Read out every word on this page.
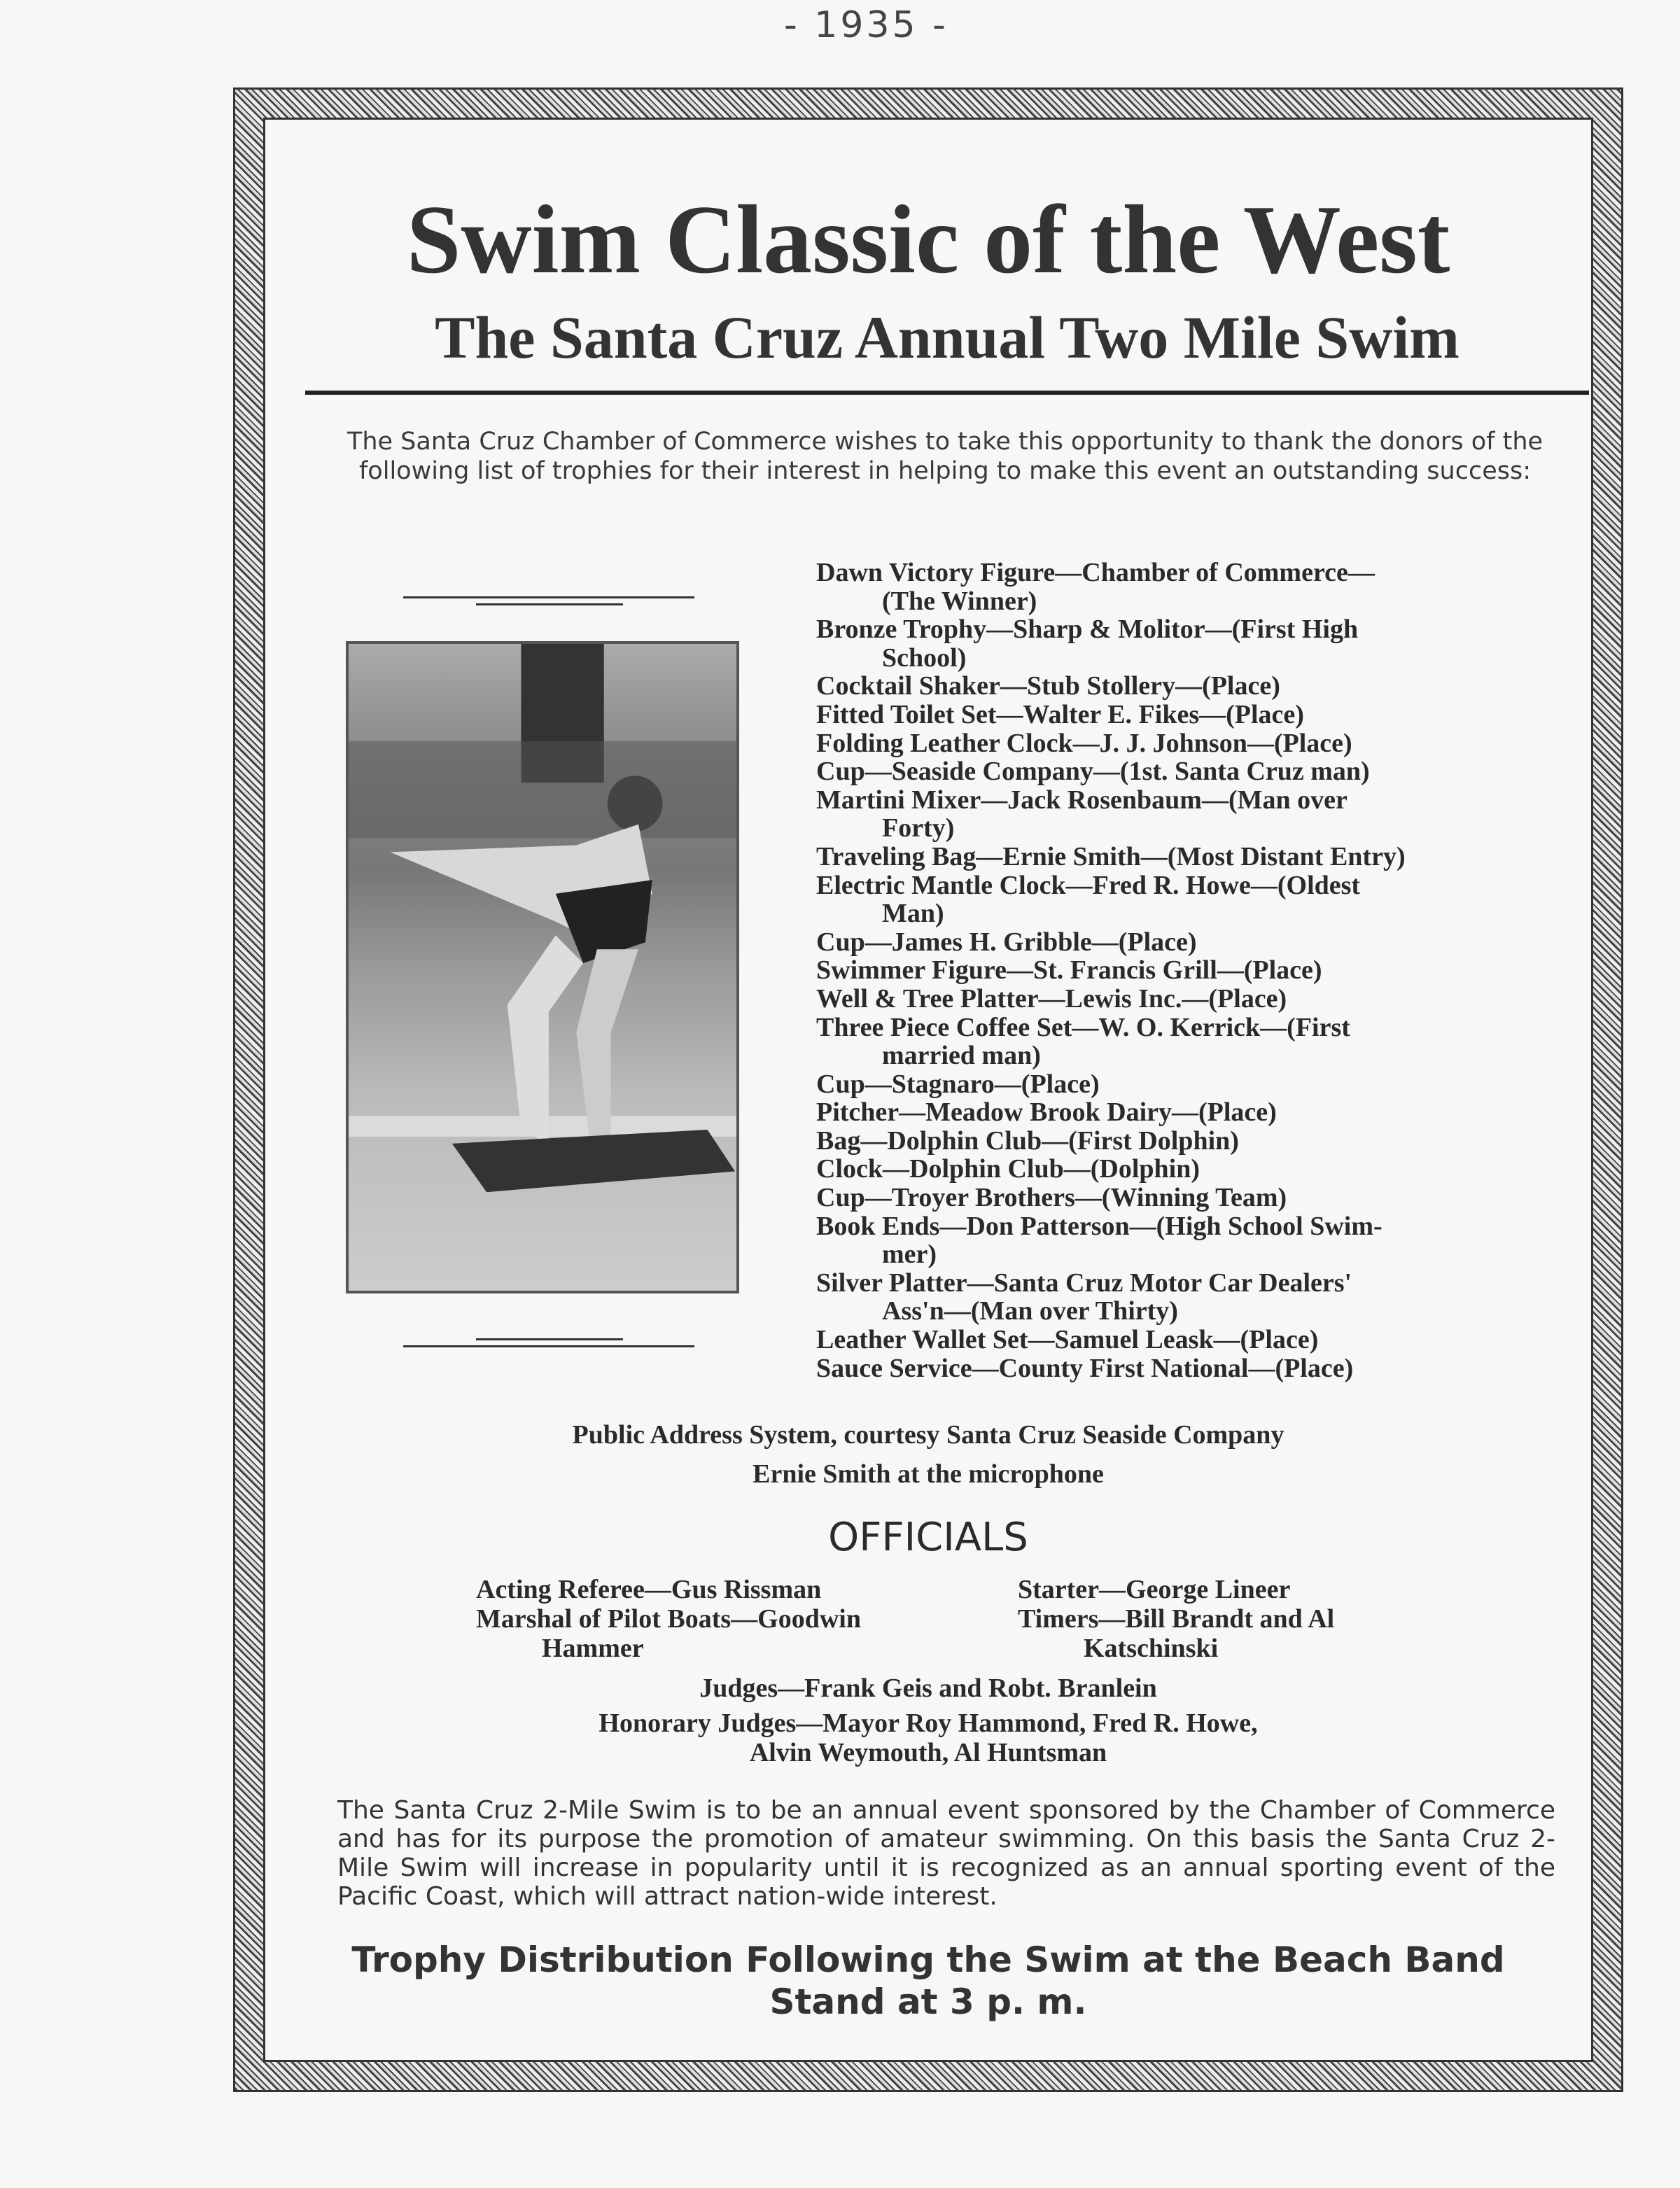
- 1935 -
Swim Classic of the West
The Santa Cruz Annual Two Mile Swim
The Santa Cruz Chamber of Commerce wishes to take this opportunity to thank the donors of the following list of trophies for their interest in helping to make this event an outstanding success:
Dawn Victory Figure—Chamber of Commerce—
(The Winner)
Bronze Trophy—Sharp & Molitor—(First High
School)
Cocktail Shaker—Stub Stollery—(Place)
Fitted Toilet Set—Walter E. Fikes—(Place)
Folding Leather Clock—J. J. Johnson—(Place)
Cup—Seaside Company—(1st. Santa Cruz man)
Martini Mixer—Jack Rosenbaum—(Man over
Forty)
Traveling Bag—Ernie Smith—(Most Distant Entry)
Electric Mantle Clock—Fred R. Howe—(Oldest
Man)
Cup—James H. Gribble—(Place)
Swimmer Figure—St. Francis Grill—(Place)
Well & Tree Platter—Lewis Inc.—(Place)
Three Piece Coffee Set—W. O. Kerrick—(First
married man)
Cup—Stagnaro—(Place)
Pitcher—Meadow Brook Dairy—(Place)
Bag—Dolphin Club—(First Dolphin)
Clock—Dolphin Club—(Dolphin)
Cup—Troyer Brothers—(Winning Team)
Book Ends—Don Patterson—(High School Swim-
mer)
Silver Platter—Santa Cruz Motor Car Dealers'
Ass'n—(Man over Thirty)
Leather Wallet Set—Samuel Leask—(Place)
Sauce Service—County First National—(Place)
Public Address System, courtesy Santa Cruz Seaside Company
Ernie Smith at the microphone
OFFICIALS
Acting Referee—Gus Rissman
Marshal of Pilot Boats—Goodwin
Hammer
Starter—George Lineer
Timers—Bill Brandt and Al
Katschinski
Judges—Frank Geis and Robt. Branlein
Honorary Judges—Mayor Roy Hammond, Fred R. Howe,
Alvin Weymouth, Al Huntsman
The Santa Cruz 2-Mile Swim is to be an annual event sponsored by the Chamber of Commerce and has for its purpose the promotion of amateur swimming. On this basis the Santa Cruz 2-Mile Swim will increase in popularity until it is recognized as an annual sporting event of the Pacific Coast, which will attract nation-wide interest.
Trophy Distribution Following the Swim at the Beach Band
Stand at 3 p. m.
